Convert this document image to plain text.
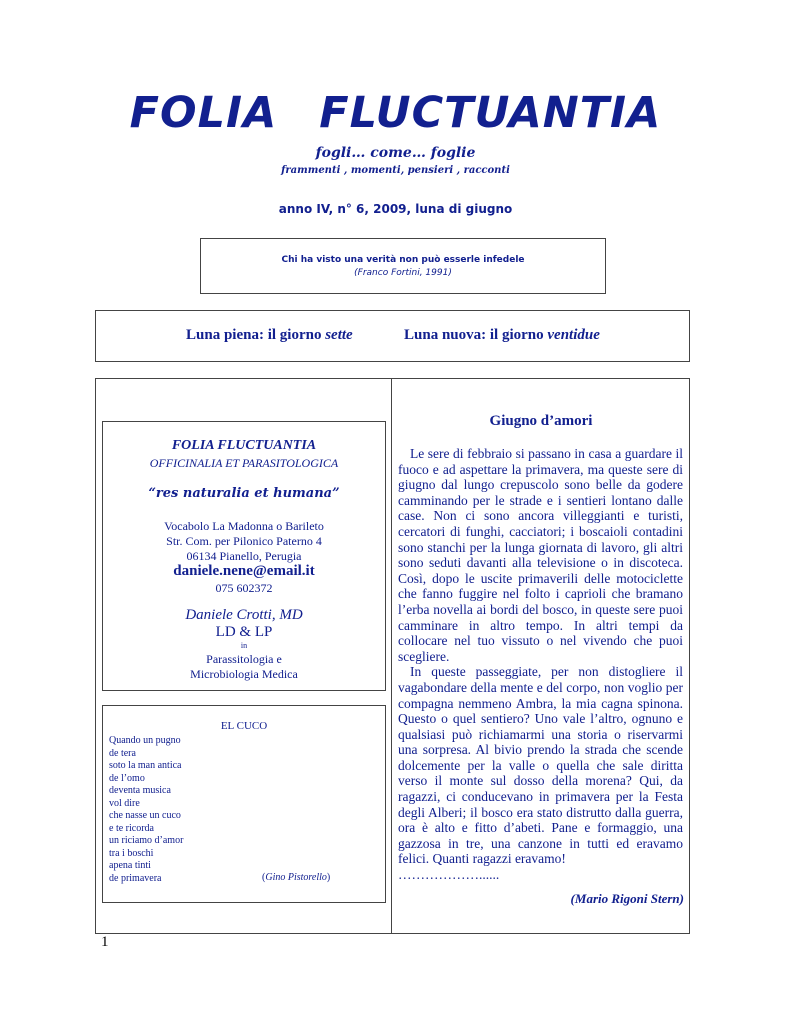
FOLIA FLUCTUANTIA
fogli… come… foglie
frammenti , momenti, pensieri , racconti
anno IV, n° 6, 2009, luna di giugno
Chi ha visto una verità non può esserle infedele
(Franco Fortini, 1991)
Luna piena: il giorno sette	Luna nuova: il giorno ventidue
FOLIA FLUCTUANTIA
OFFICINALIA ET PARASITOLOGICA
“res naturalia et humana”
Vocabolo La Madonna o Barileto
Str. Com. per Pilonico Paterno 4
06134 Pianello, Perugia
daniele.nene@email.it
075 602372
Daniele Crotti, MD
LD & LP
in
Parassitologia e
Microbiologia Medica
EL CUCO
Quando un pugno
de tera
soto la man antica
de l’omo
deventa musica
vol dire
che nasse un cuco
e te ricorda
un riciamo d’amor
tra i boschi
apena tinti
de primavera	(Gino Pistorello)
Giugno d’amori

Le sere di febbraio si passano in casa a guardare il fuoco e ad aspettare la primavera, ma queste sere di giugno dal lungo crepuscolo sono belle da godere camminando per le strade e i sentieri lontano dalle case. Non ci sono ancora villeggianti e turisti, cercatori di funghi, cacciatori; i boscaioli contadini sono stanchi per la lunga giornata di lavoro, gli altri sono seduti davanti alla televisione o in discoteca. Così, dopo le uscite primaverili delle motociclette che fanno fuggire nel folto i caprioli che bramano l’erba novella ai bordi del bosco, in queste sere puoi camminare in altro tempo. In altri tempi da collocare nel tuo vissuto o nel vivendo che puoi scegliere.

In queste passeggiate, per non distogliere il vagabondare della mente e del corpo, non voglio per compagna nemmeno Ambra, la mia cagna spinona. Questo o quel sentiero? Uno vale l’altro, ognuno e qualsiasi può richiamarmi una storia o riservarmi una sorpresa. Al bivio prendo la strada che scende dolcemente per la valle o quella che sale diritta verso il monte sul dosso della morena? Qui, da ragazzi, ci conducevano in primavera per la Festa degli Alberi; il bosco era stato distrutto dalla guerra, ora è alto e fitto d’abeti. Pane e formaggio, una gazzosa in tre, una canzone in tutti ed eravamo felici. Quanti ragazzi eravamo!

………………......
(Mario Rigoni Stern)
1
